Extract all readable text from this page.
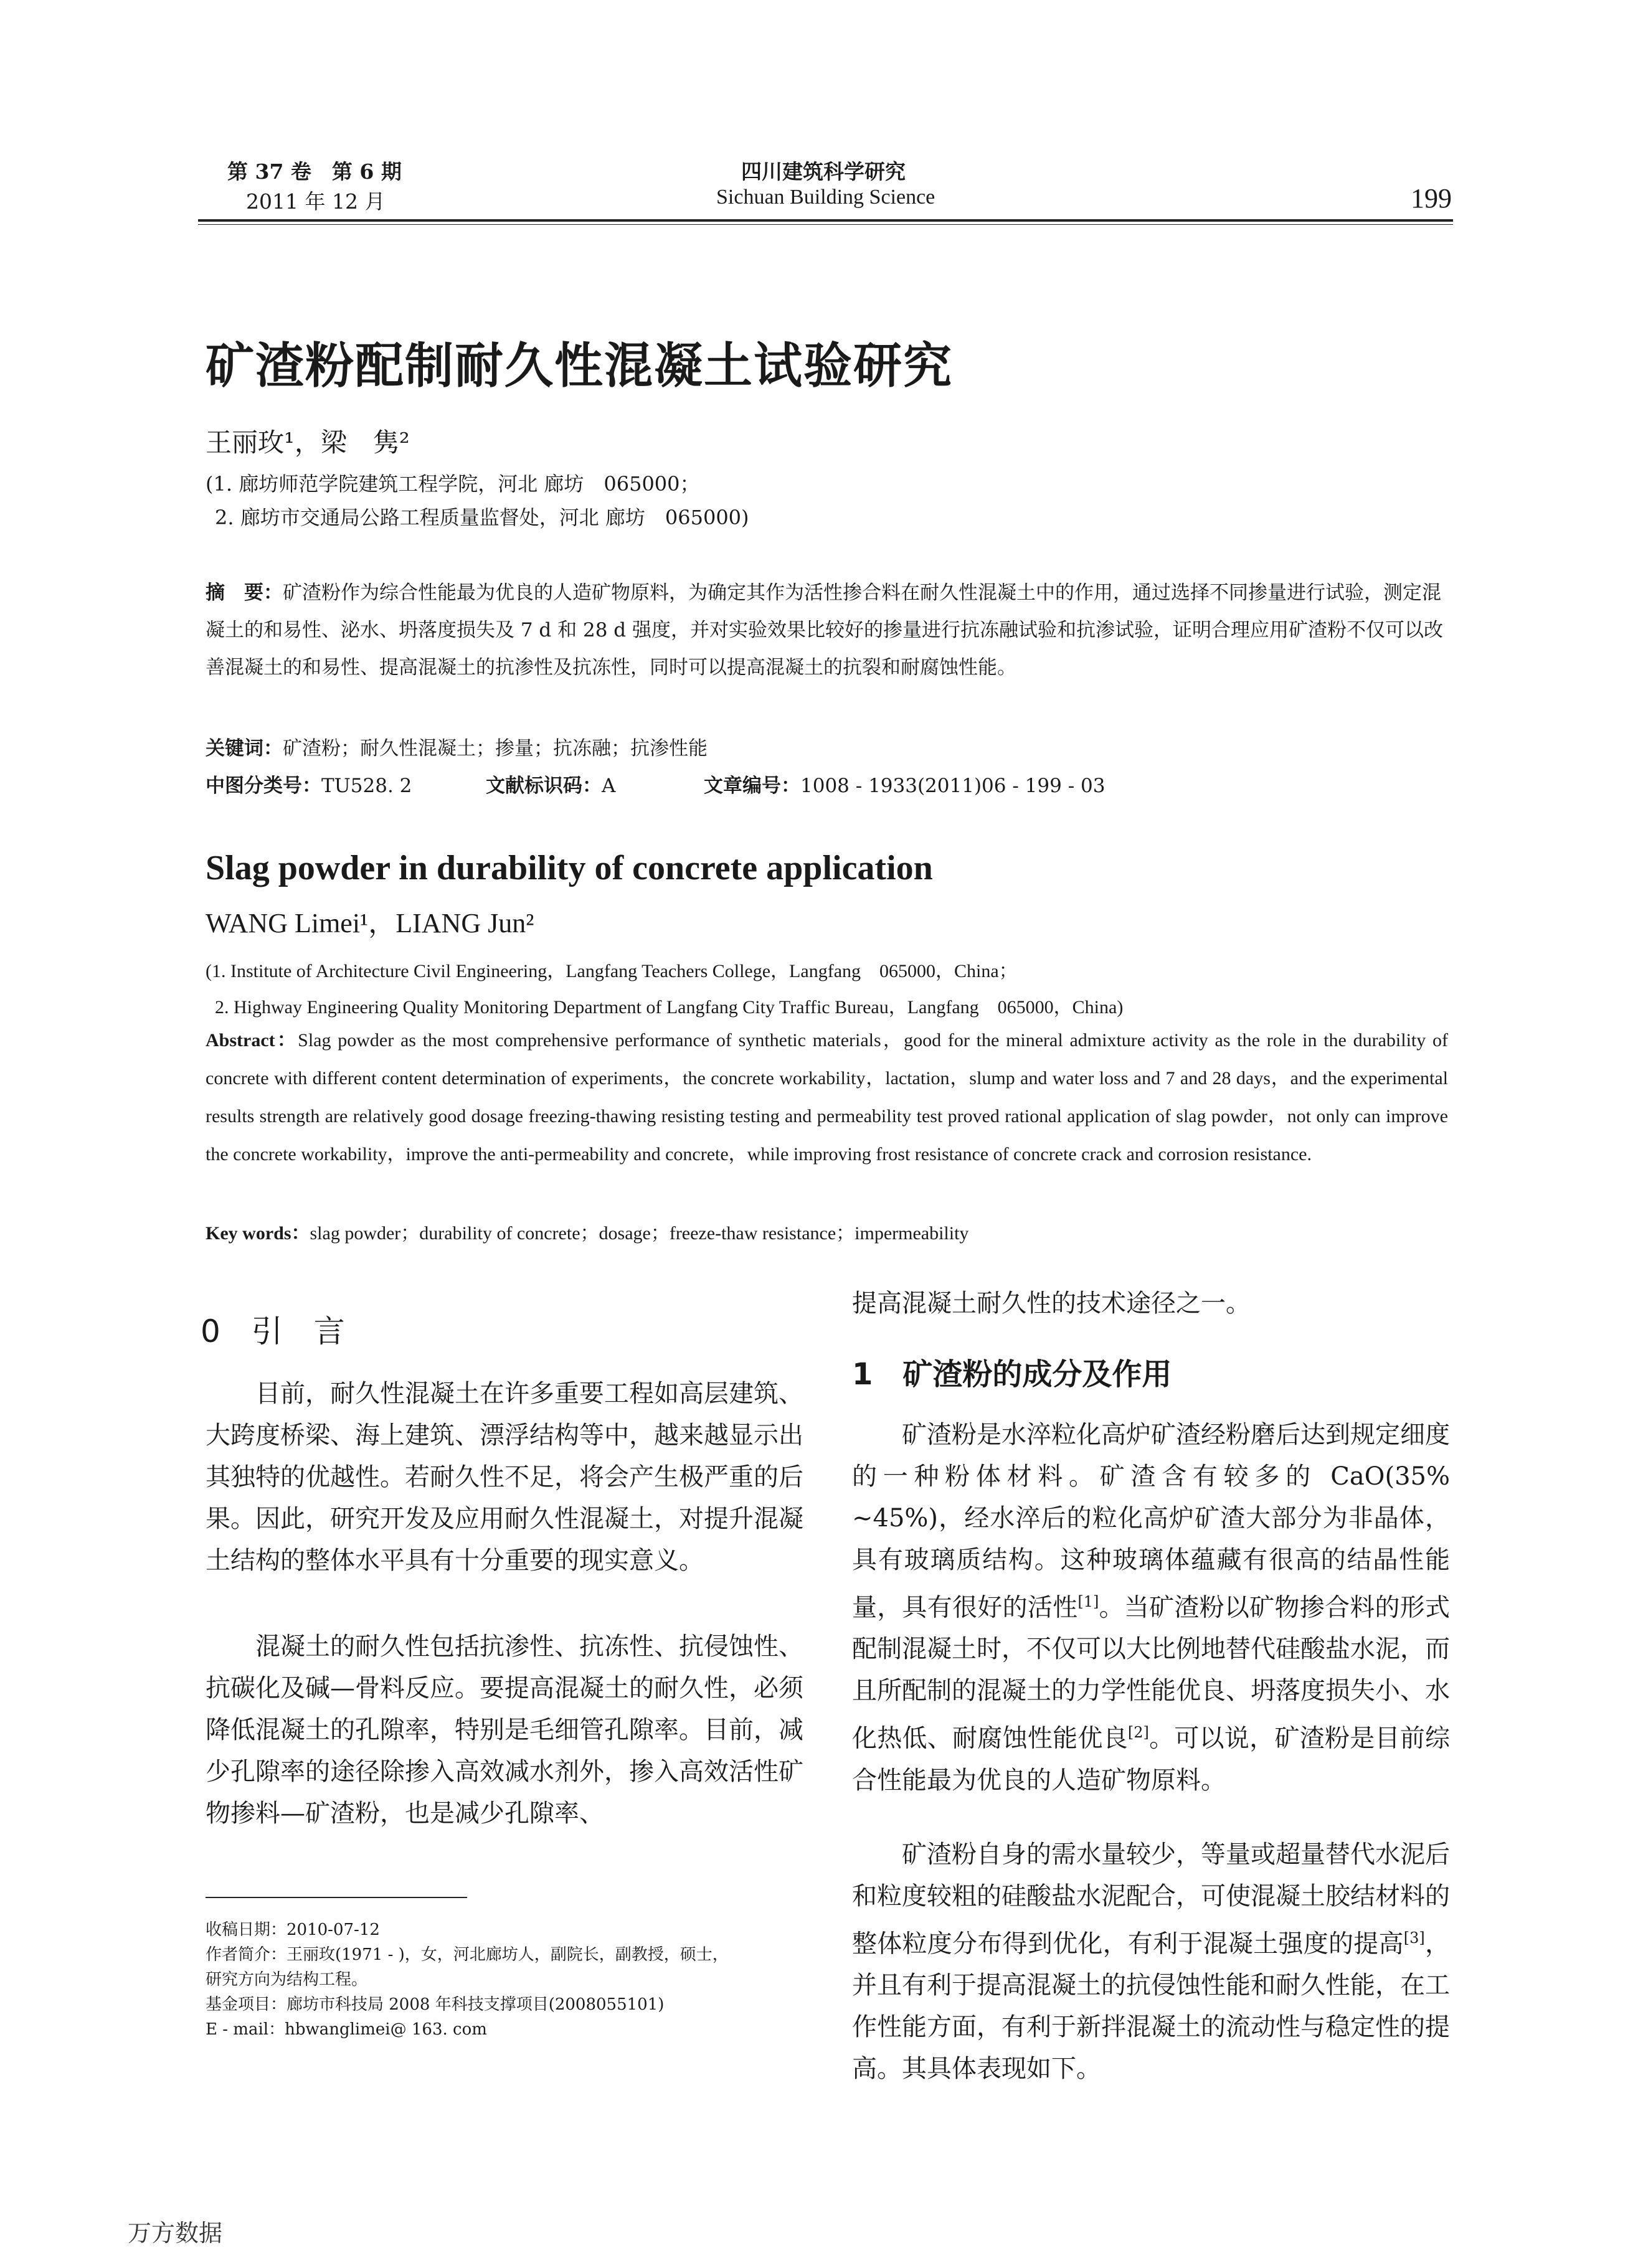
第 37 卷　第 6 期
2011 年 12 月
四川建筑科学研究
Sichuan Building Science	199
矿渣粉配制耐久性混凝土试验研究
王丽玫¹，梁　隽²
(1. 廊坊师范学院建筑工程学院，河北 廊坊　065000；
2. 廊坊市交通局公路工程质量监督处，河北 廊坊　065000)
摘　要：矿渣粉作为综合性能最为优良的人造矿物原料，为确定其作为活性掺合料在耐久性混凝土中的作用，通过选择不同掺量进行试验，测定混凝土的和易性、泌水、坍落度损失及 7 d 和 28 d 强度，并对实验效果比较好的掺量进行抗冻融试验和抗渗试验，证明合理应用矿渣粉不仅可以改善混凝土的和易性、提高混凝土的抗渗性及抗冻性，同时可以提高混凝土的抗裂和耐腐蚀性能。
关键词：矿渣粉；耐久性混凝土；掺量；抗冻融；抗渗性能
中图分类号：TU528. 2	文献标识码：A	文章编号：1008 - 1933(2011)06 - 199 - 03
Slag powder in durability of concrete application
WANG Limei¹，LIANG Jun²
(1. Institute of Architecture Civil Engineering，Langfang Teachers College，Langfang　065000，China；
2. Highway Engineering Quality Monitoring Department of Langfang City Traffic Bureau，Langfang　065000，China)
Abstract：Slag powder as the most comprehensive performance of synthetic materials，good for the mineral admixture activity as the role in the durability of concrete with different content determination of experiments，the concrete workability，lactation，slump and water loss and 7 and 28 days，and the experimental results strength are relatively good dosage freezing-thawing resisting testing and permeability test proved rational application of slag powder，not only can improve the concrete workability，improve the anti-permeability and concrete，while improving frost resistance of concrete crack and corrosion resistance.
Key words：slag powder；durability of concrete；dosage；freeze-thaw resistance；impermeability
0　引　言
目前，耐久性混凝土在许多重要工程如高层建筑、大跨度桥梁、海上建筑、漂浮结构等中，越来越显示出其独特的优越性。若耐久性不足，将会产生极严重的后果。因此，研究开发及应用耐久性混凝土，对提升混凝土结构的整体水平具有十分重要的现实意义。
混凝土的耐久性包括抗渗性、抗冻性、抗侵蚀性、抗碳化及碱—骨料反应。要提高混凝土的耐久性，必须降低混凝土的孔隙率，特别是毛细管孔隙率。目前，减少孔隙率的途径除掺入高效减水剂外，掺入高效活性矿物掺料—矿渣粉，也是减少孔隙率、
收稿日期：2010-07-12
作者简介：王丽玫(1971 - )，女，河北廊坊人，副院长，副教授，硕士，
研究方向为结构工程。
基金项目：廊坊市科技局 2008 年科技支撑项目(2008055101)
E - mail：hbwanglimei@ 163. com
提高混凝土耐久性的技术途径之一。
1　矿渣粉的成分及作用
矿渣粉是水淬粒化高炉矿渣经粉磨后达到规定细度的一种粉体材料。矿渣含有较多的 CaO(35% ~45%)，经水淬后的粒化高炉矿渣大部分为非晶体，具有玻璃质结构。这种玻璃体蕴藏有很高的结晶性能量，具有很好的活性[1]。当矿渣粉以矿物掺合料的形式配制混凝土时，不仅可以大比例地替代硅酸盐水泥，而且所配制的混凝土的力学性能优良、坍落度损失小、水化热低、耐腐蚀性能优良[2]。可以说，矿渣粉是目前综合性能最为优良的人造矿物原料。
矿渣粉自身的需水量较少，等量或超量替代水泥后和粒度较粗的硅酸盐水泥配合，可使混凝土胶结材料的整体粒度分布得到优化，有利于混凝土强度的提高[3]，并且有利于提高混凝土的抗侵蚀性能和耐久性能，在工作性能方面，有利于新拌混凝土的流动性与稳定性的提高。其具体表现如下。
万方数据
